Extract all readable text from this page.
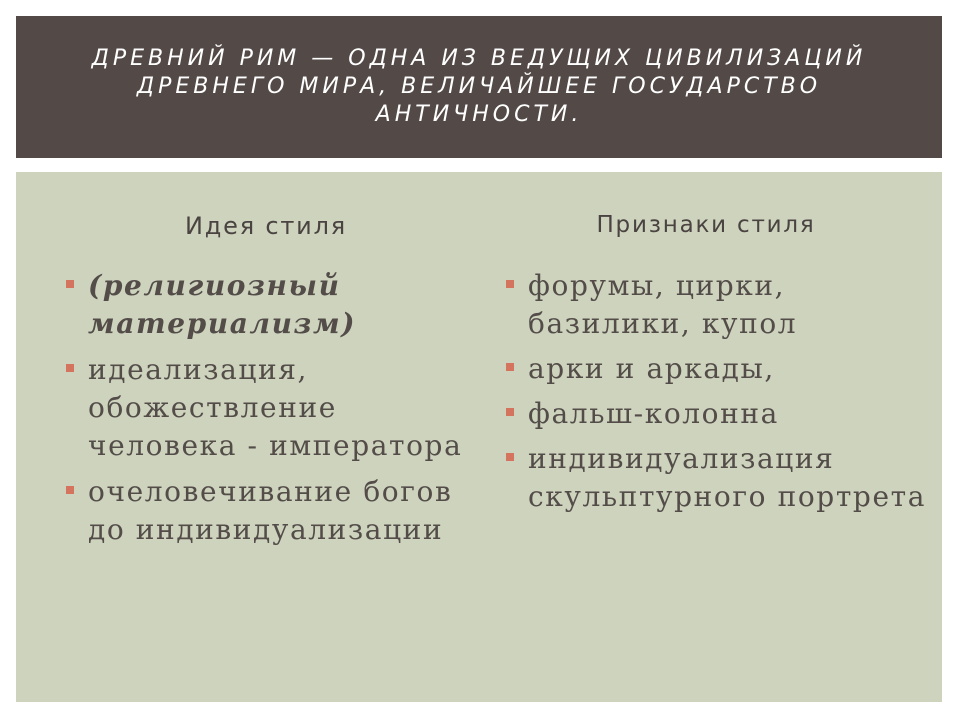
ДРЕВНИЙ РИМ — ОДНА ИЗ ВЕДУЩИХ ЦИВИЛИЗАЦИЙ ДРЕВНЕГО МИРА, ВЕЛИЧАЙШЕЕ ГОСУДАРСТВО АНТИЧНОСТИ.

Идея стиля

(религиозный материализм)
идеализация, обожествление человека - императора
очеловечивание богов до индивидуализации

Признаки стиля

форумы, цирки, базилики, купол
арки и аркады,
фальш-колонна
индивидуализация скульптурного портрета
